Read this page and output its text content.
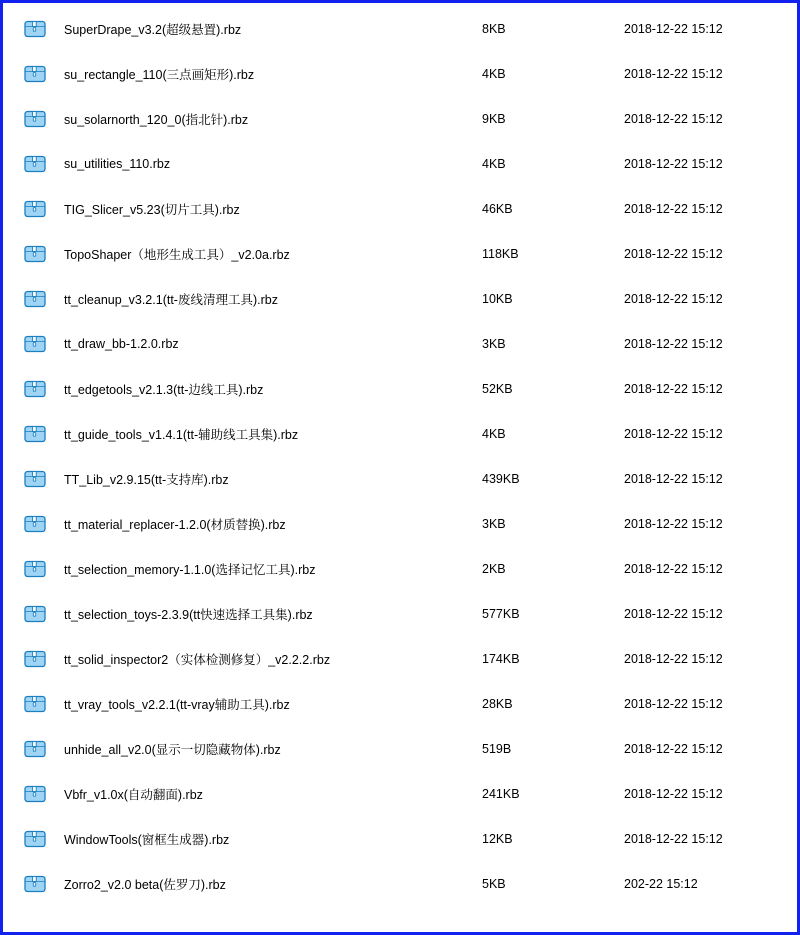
SuperDrape_v3.2(超级悬置).rbz	8KB	2018-12-22 15:12
su_rectangle_110(三点画矩形).rbz	4KB	2018-12-22 15:12
su_solarnorth_120_0(指北针).rbz	9KB	2018-12-22 15:12
su_utilities_110.rbz	4KB	2018-12-22 15:12
TIG_Slicer_v5.23(切片工具).rbz	46KB	2018-12-22 15:12
TopoShaper（地形生成工具）_v2.0a.rbz	118KB	2018-12-22 15:12
tt_cleanup_v3.2.1(tt-废线清理工具).rbz	10KB	2018-12-22 15:12
tt_draw_bb-1.2.0.rbz	3KB	2018-12-22 15:12
tt_edgetools_v2.1.3(tt-边线工具).rbz	52KB	2018-12-22 15:12
tt_guide_tools_v1.4.1(tt-辅助线工具集).rbz	4KB	2018-12-22 15:12
TT_Lib_v2.9.15(tt-支持库).rbz	439KB	2018-12-22 15:12
tt_material_replacer-1.2.0(材质替换).rbz	3KB	2018-12-22 15:12
tt_selection_memory-1.1.0(选择记忆工具).rbz	2KB	2018-12-22 15:12
tt_selection_toys-2.3.9(tt快速选择工具集).rbz	577KB	2018-12-22 15:12
tt_solid_inspector2（实体检测修复）_v2.2.2.rbz	174KB	2018-12-22 15:12
tt_vray_tools_v2.2.1(tt-vray辅助工具).rbz	28KB	2018-12-22 15:12
unhide_all_v2.0(显示一切隐藏物体).rbz	519B	2018-12-22 15:12
Vbfr_v1.0x(自动翻面).rbz	241KB	2018-12-22 15:12
WindowTools(窗框生成器).rbz	12KB	2018-12-22 15:12
Zorro2_v2.0 beta(佐罗刀).rbz	5KB	20⁠2-22 15:12
